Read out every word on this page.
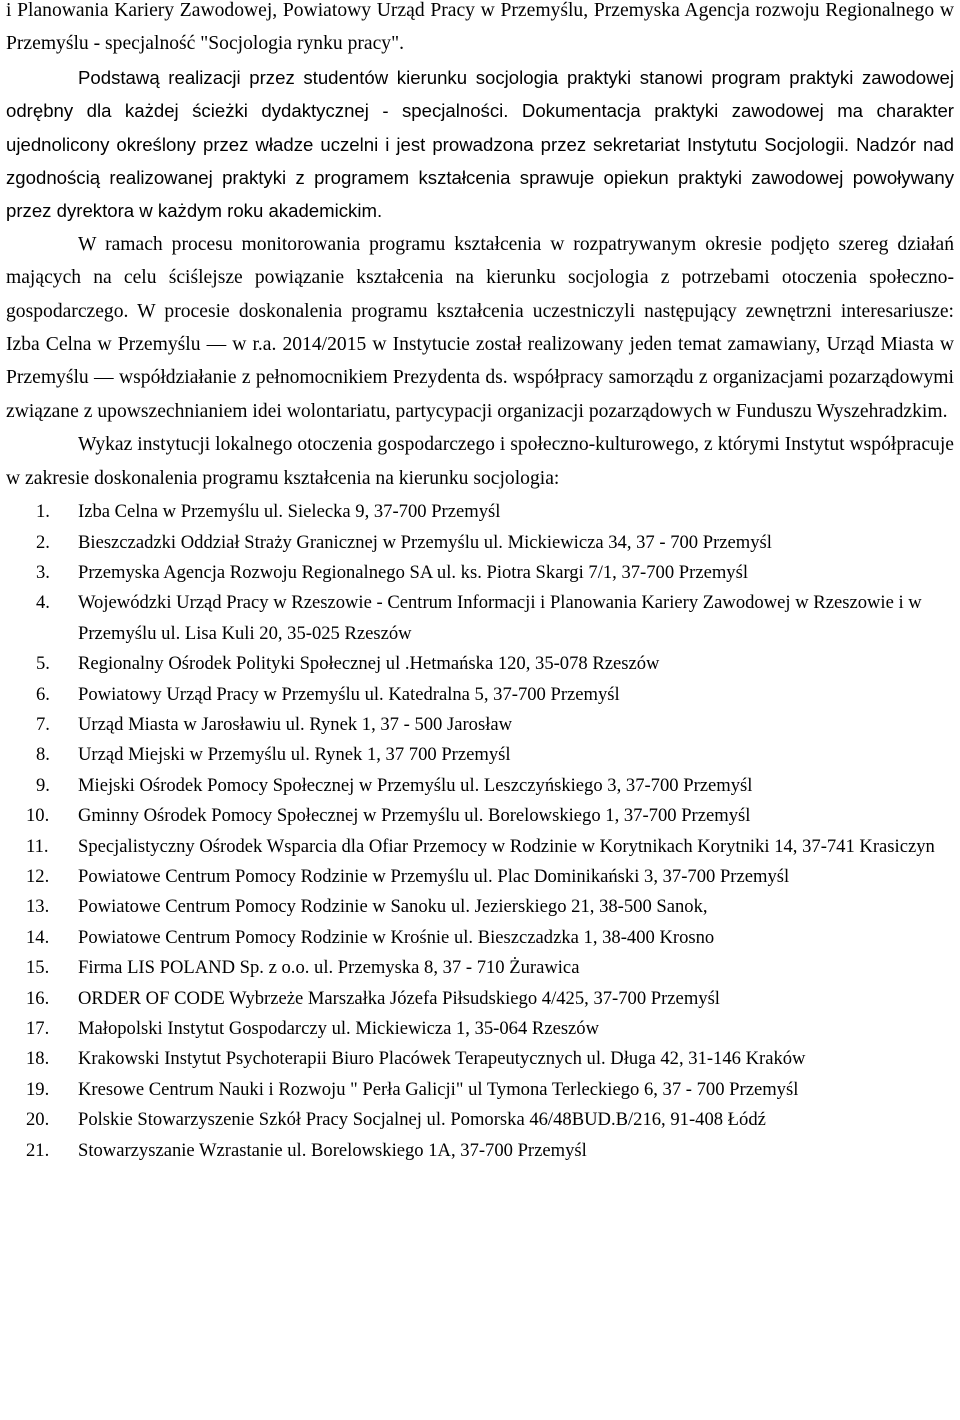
i Planowania Kariery Zawodowej, Powiatowy Urząd Pracy w Przemyślu, Przemyska Agencja rozwoju Regionalnego w Przemyślu - specjalność "Socjologia rynku pracy".

Podstawą realizacji przez studentów kierunku socjologia praktyki stanowi program praktyki zawodowej odrębny dla każdej ścieżki dydaktycznej - specjalności. Dokumentacja praktyki zawodowej ma charakter ujednolicony określony przez władze uczelni i jest prowadzona przez sekretariat Instytutu Socjologii. Nadzór nad zgodnością realizowanej praktyki z programem kształcenia sprawuje opiekun praktyki zawodowej powoływany przez dyrektora w każdym roku akademickim.

W ramach procesu monitorowania programu kształcenia w rozpatrywanym okresie podjęto szereg działań mających na celu ściślejsze powiązanie kształcenia na kierunku socjologia z potrzebami otoczenia społeczno-gospodarczego. W procesie doskonalenia programu kształcenia uczestniczyli następujący zewnętrzni interesariusze: Izba Celna w Przemyślu — w r.a. 2014/2015 w Instytucie został realizowany jeden temat zamawiany, Urząd Miasta w Przemyślu — współdziałanie z pełnomocnikiem Prezydenta ds. współpracy samorządu z organizacjami pozarządowymi związane z upowszechnianiem idei wolontariatu, partycypacji organizacji pozarządowych w Funduszu Wyszehradzkim.

Wykaz instytucji lokalnego otoczenia gospodarczego i społeczno-kulturowego, z którymi Instytut współpracuje w zakresie doskonalenia programu kształcenia na kierunku socjologia:

1. Izba Celna w Przemyślu ul. Sielecka 9, 37-700 Przemyśl
2. Bieszczadzki Oddział Straży Granicznej w Przemyślu ul. Mickiewicza 34, 37 - 700 Przemyśl
3. Przemyska Agencja Rozwoju Regionalnego SA ul. ks. Piotra Skargi 7/1, 37-700 Przemyśl
4. Wojewódzki Urząd Pracy w Rzeszowie - Centrum Informacji i Planowania Kariery Zawodowej w Rzeszowie i w Przemyślu ul. Lisa Kuli 20, 35-025 Rzeszów
5. Regionalny Ośrodek Polityki Społecznej ul .Hetmańska 120, 35-078 Rzeszów
6. Powiatowy Urząd Pracy w Przemyślu ul. Katedralna 5, 37-700 Przemyśl
7. Urząd Miasta w Jarosławiu ul. Rynek 1, 37 - 500 Jarosław
8. Urząd Miejski w Przemyślu ul. Rynek 1, 37 700 Przemyśl
9. Miejski Ośrodek Pomocy Społecznej w Przemyślu ul. Leszczyńskiego 3, 37-700 Przemyśl
10. Gminny Ośrodek Pomocy Społecznej w Przemyślu ul. Borelowskiego 1, 37-700 Przemyśl
11. Specjalistyczny Ośrodek Wsparcia dla Ofiar Przemocy w Rodzinie w Korytnikach Korytniki 14, 37-741 Krasiczyn
12. Powiatowe Centrum Pomocy Rodzinie w Przemyślu ul. Plac Dominikański 3, 37-700 Przemyśl
13. Powiatowe Centrum Pomocy Rodzinie w Sanoku ul. Jezierskiego 21, 38-500 Sanok,
14. Powiatowe Centrum Pomocy Rodzinie w Krośnie ul. Bieszczadzka 1, 38-400 Krosno
15. Firma LIS POLAND Sp. z o.o. ul. Przemyska 8, 37 - 710 Żurawica
16. ORDER OF CODE Wybrzeże Marszałka Józefa Piłsudskiego 4/425, 37-700 Przemyśl
17. Małopolski Instytut Gospodarczy ul. Mickiewicza 1, 35-064 Rzeszów
18. Krakowski Instytut Psychoterapii Biuro Placówek Terapeutycznych ul. Długa 42, 31-146 Kraków
19. Kresowe Centrum Nauki i Rozwoju " Perła Galicji" ul Tymona Terleckiego 6, 37 - 700 Przemyśl
20. Polskie Stowarzyszenie Szkół Pracy Socjalnej ul. Pomorska 46/48BUD.B/216, 91-408 Łódź
21. Stowarzyszanie Wzrastanie ul. Borelowskiego 1A, 37-700 Przemyśl
